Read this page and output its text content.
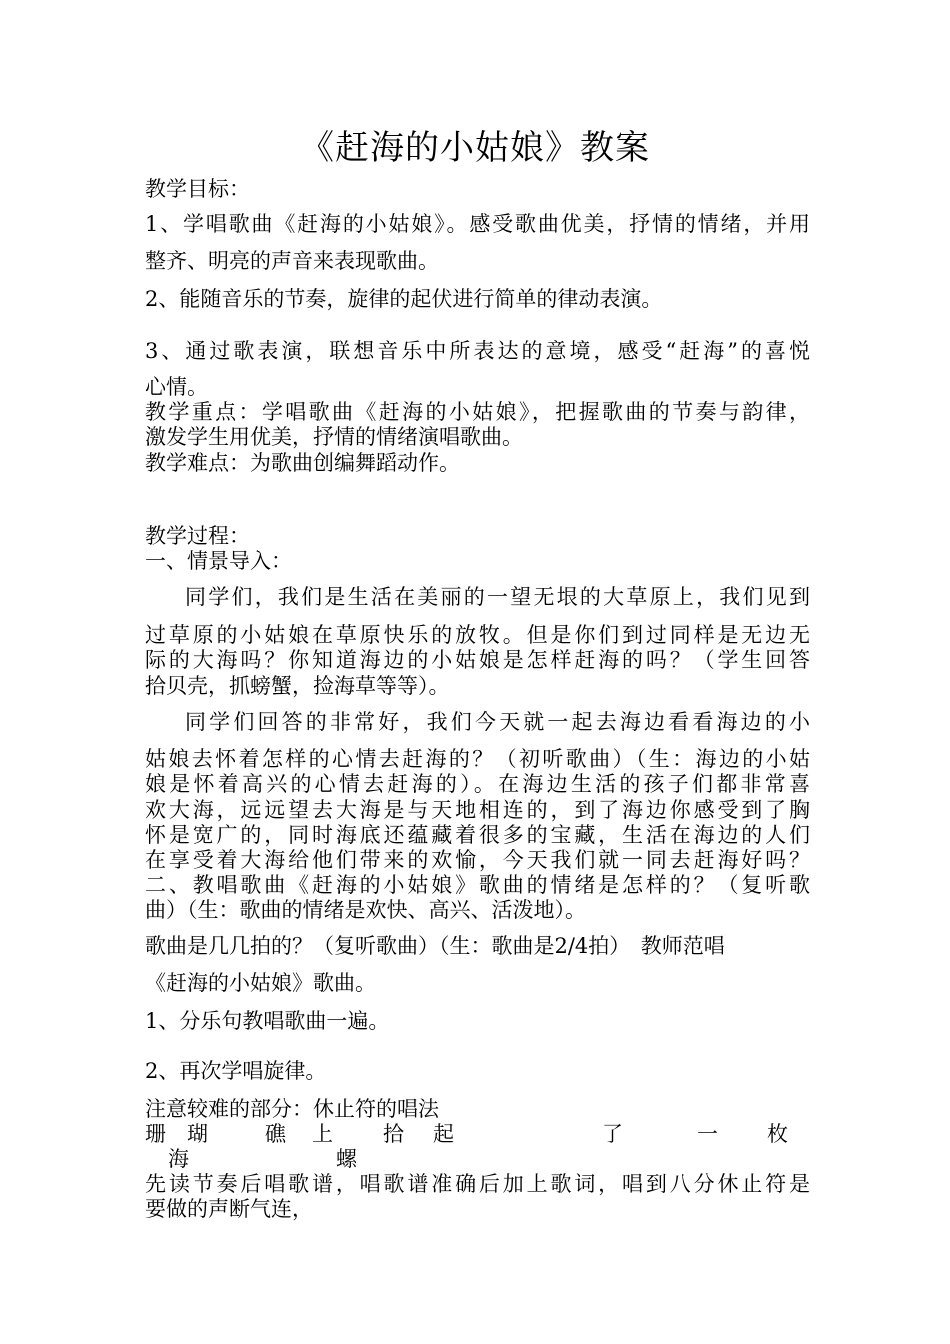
《赶海的小姑娘》教案
教学目标：
1、学唱歌曲《赶海的小姑娘》。感受歌曲优美，抒情的情绪，并用
整齐、明亮的声音来表现歌曲。
2、能随音乐的节奏，旋律的起伏进行简单的律动表演。
3、通过歌表演，联想音乐中所表达的意境，感受“赶海”的喜悦
心情。
教学重点：学唱歌曲《赶海的小姑娘》，把握歌曲的节奏与韵律，
激发学生用优美，抒情的情绪演唱歌曲。
教学难点：为歌曲创编舞蹈动作。
教学过程：
一、情景导入：
同学们，我们是生活在美丽的一望无垠的大草原上，我们见到
过草原的小姑娘在草原快乐的放牧。但是你们到过同样是无边无
际的大海吗？你知道海边的小姑娘是怎样赶海的吗？（学生回答
拾贝壳，抓螃蟹，捡海草等等）。
同学们回答的非常好，我们今天就一起去海边看看海边的小
姑娘去怀着怎样的心情去赶海的？（初听歌曲）（生：海边的小姑
娘是怀着高兴的心情去赶海的）。在海边生活的孩子们都非常喜
欢大海，远远望去大海是与天地相连的，到了海边你感受到了胸
怀是宽广的，同时海底还蕴藏着很多的宝藏，生活在海边的人们
在享受着大海给他们带来的欢愉，今天我们就一同去赶海好吗？
二、教唱歌曲《赶海的小姑娘》歌曲的情绪是怎样的？（复听歌
曲）（生：歌曲的情绪是欢快、高兴、活泼地）。
歌曲是几几拍的？（复听歌曲）（生：歌曲是2/4拍）　教师范唱
《赶海的小姑娘》歌曲。
1、分乐句教唱歌曲一遍。
2、再次学唱旋律。
注意较难的部分：休止符的唱法
珊 瑚	礁 上 拾 起	了	一 枚
海	螺
先读节奏后唱歌谱，唱歌谱准确后加上歌词，唱到八分休止符是
要做的声断气连，
